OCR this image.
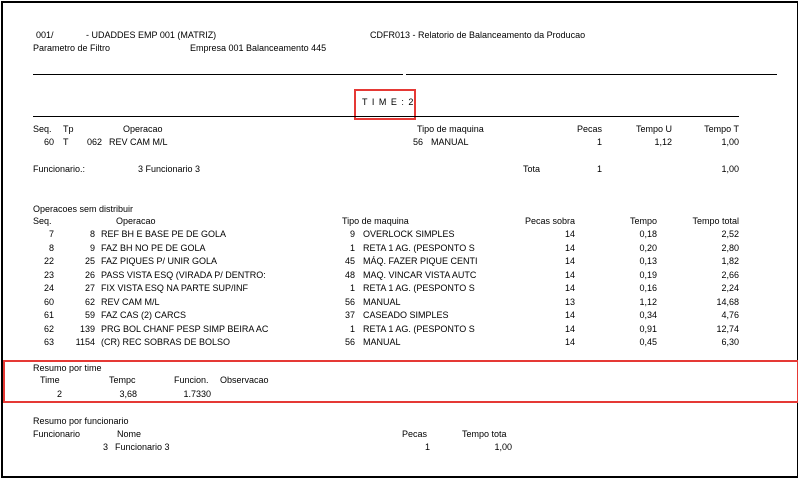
001/	- UDADDES EMP 001 (MATRIZ)	CDFR013 - Relatorio de Balanceamento da Producao
Parametro de Filtro	Empresa 001 Balanceamento 445
T I M E : 2
Seq. Tp	Operacao	Tipo de maquina	Pecas	Tempo U	Tempo T
60 T	062 REV CAM M/L	56 MANUAL	1	1,12	1,00
Funcionario.:	3 Funcionario 3	Tota	1	1,00
Operacoes sem distribuir
Seq.	Operacao	Tipo de maquina	Pecas sobra	Tempo	Tempo total
7	8 REF BH E BASE PE DE GOLA	9 OVERLOCK SIMPLES	14	0,18	2,52
8	9 FAZ BH NO PE DE GOLA	1 RETA 1 AG. (PESPONTO S	14	0,20	2,80
22	25 FAZ PIQUES P/ UNIR GOLA	45 MÁQ. FAZER PIQUE CENTI	14	0,13	1,82
23	26 PASS VISTA ESQ (VIRADA P/ DENTRO:	48 MAQ. VINCAR VISTA AUTC	14	0,19	2,66
24	27 FIX VISTA ESQ NA PARTE SUP/INF	1 RETA 1 AG. (PESPONTO S	14	0,16	2,24
60	62 REV CAM M/L	56 MANUAL	13	1,12	14,68
61	59 FAZ CAS (2) CARCS	37 CASEADO SIMPLES	14	0,34	4,76
62	139 PRG BOL CHANF PESP SIMP BEIRA AC	1 RETA 1 AG. (PESPONTO S	14	0,91	12,74
63	1154 (CR) REC SOBRAS DE BOLSO	56 MANUAL	14	0,45	6,30
Resumo por time
Time	Tempc	Funcion. Observacao
2	3,68	1.7330
Resumo por funcionario
Funcionario	Nome	Pecas	Tempo tota
3 Funcionario 3	1	1,00
